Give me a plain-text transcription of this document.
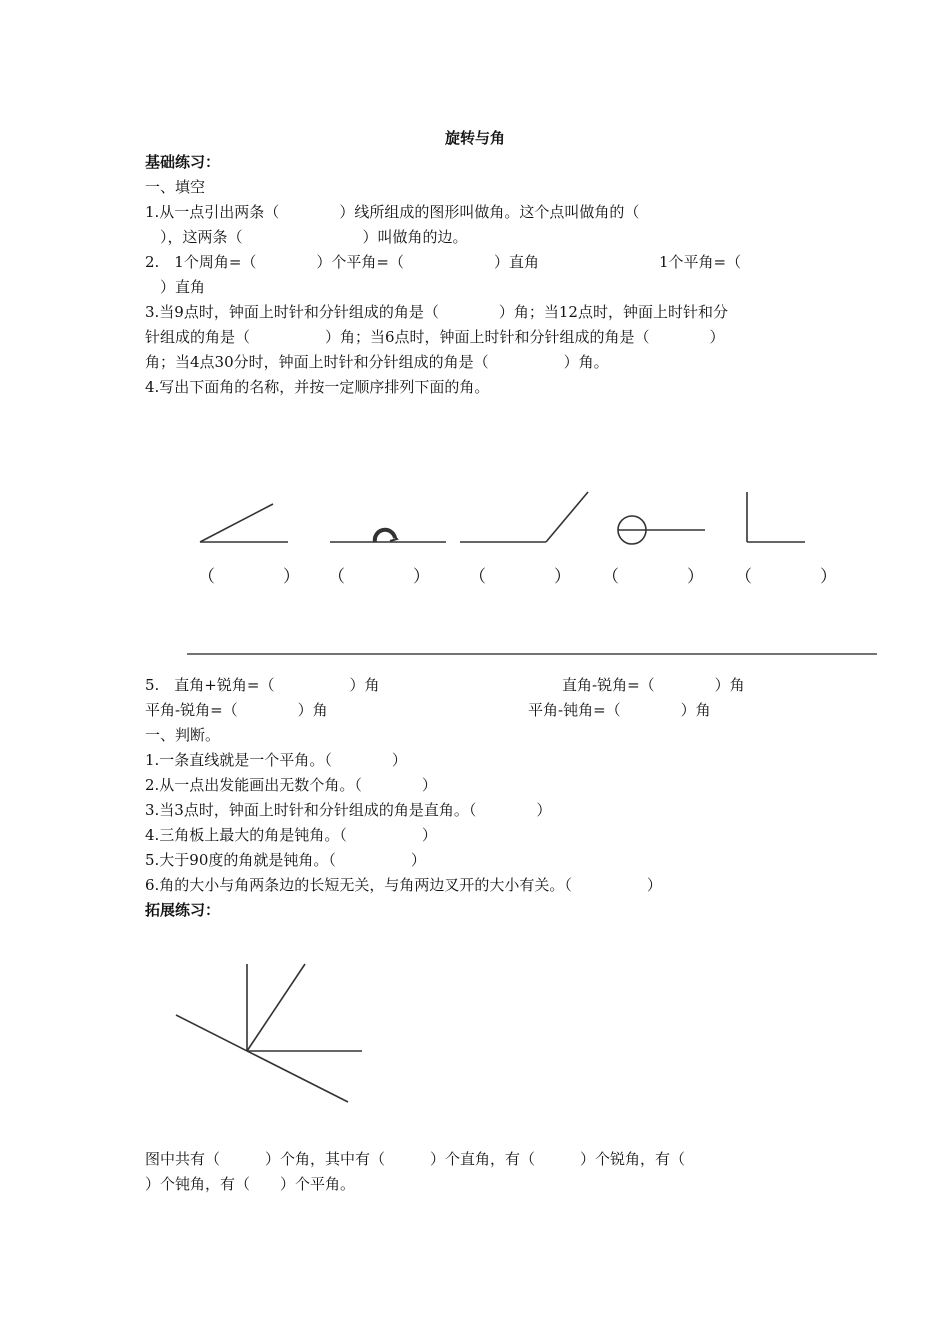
旋转与角
基础练习：
一、填空
1.从一点引出两条（　　　　）线所组成的图形叫做角。这个点叫做角的（
　），这两条（　　　　　　　　）叫做角的边。
2.　1个周角=（　　　　）个平角=（　　　　　　）直角　　　　　　　　1个平角=（
　）直角
3.当9点时，钟面上时针和分针组成的角是（　　　　）角；当12点时，钟面上时针和分
针组成的角是（　　　　　）角；当6点时，钟面上时针和分针组成的角是（　　　　）
角；当4点30分时，钟面上时针和分针组成的角是（　　　　　）角。
4.写出下面角的名称，并按一定顺序排列下面的角。
（　　　　） （　　　　） （　　　　） （　　　　） （　　　　）
5.　直角+锐角=（　　　　　）角	直角-锐角=（　　　　）角
平角-锐角=（　　　　）角	平角-钝角=（　　　　）角
一、判断。
1.一条直线就是一个平角。（　　　　）
2.从一点出发能画出无数个角。（　　　　）
3.当3点时，钟面上时针和分针组成的角是直角。（　　　　）
4.三角板上最大的角是钝角。（　　　　　）
5.大于90度的角就是钝角。（　　　　　）
6.角的大小与角两条边的长短无关，与角两边叉开的大小有关。（　　　　　）
拓展练习：
图中共有（　　　）个角，其中有（　　　）个直角，有（　　　）个锐角，有（
）个钝角，有（　　）个平角。
